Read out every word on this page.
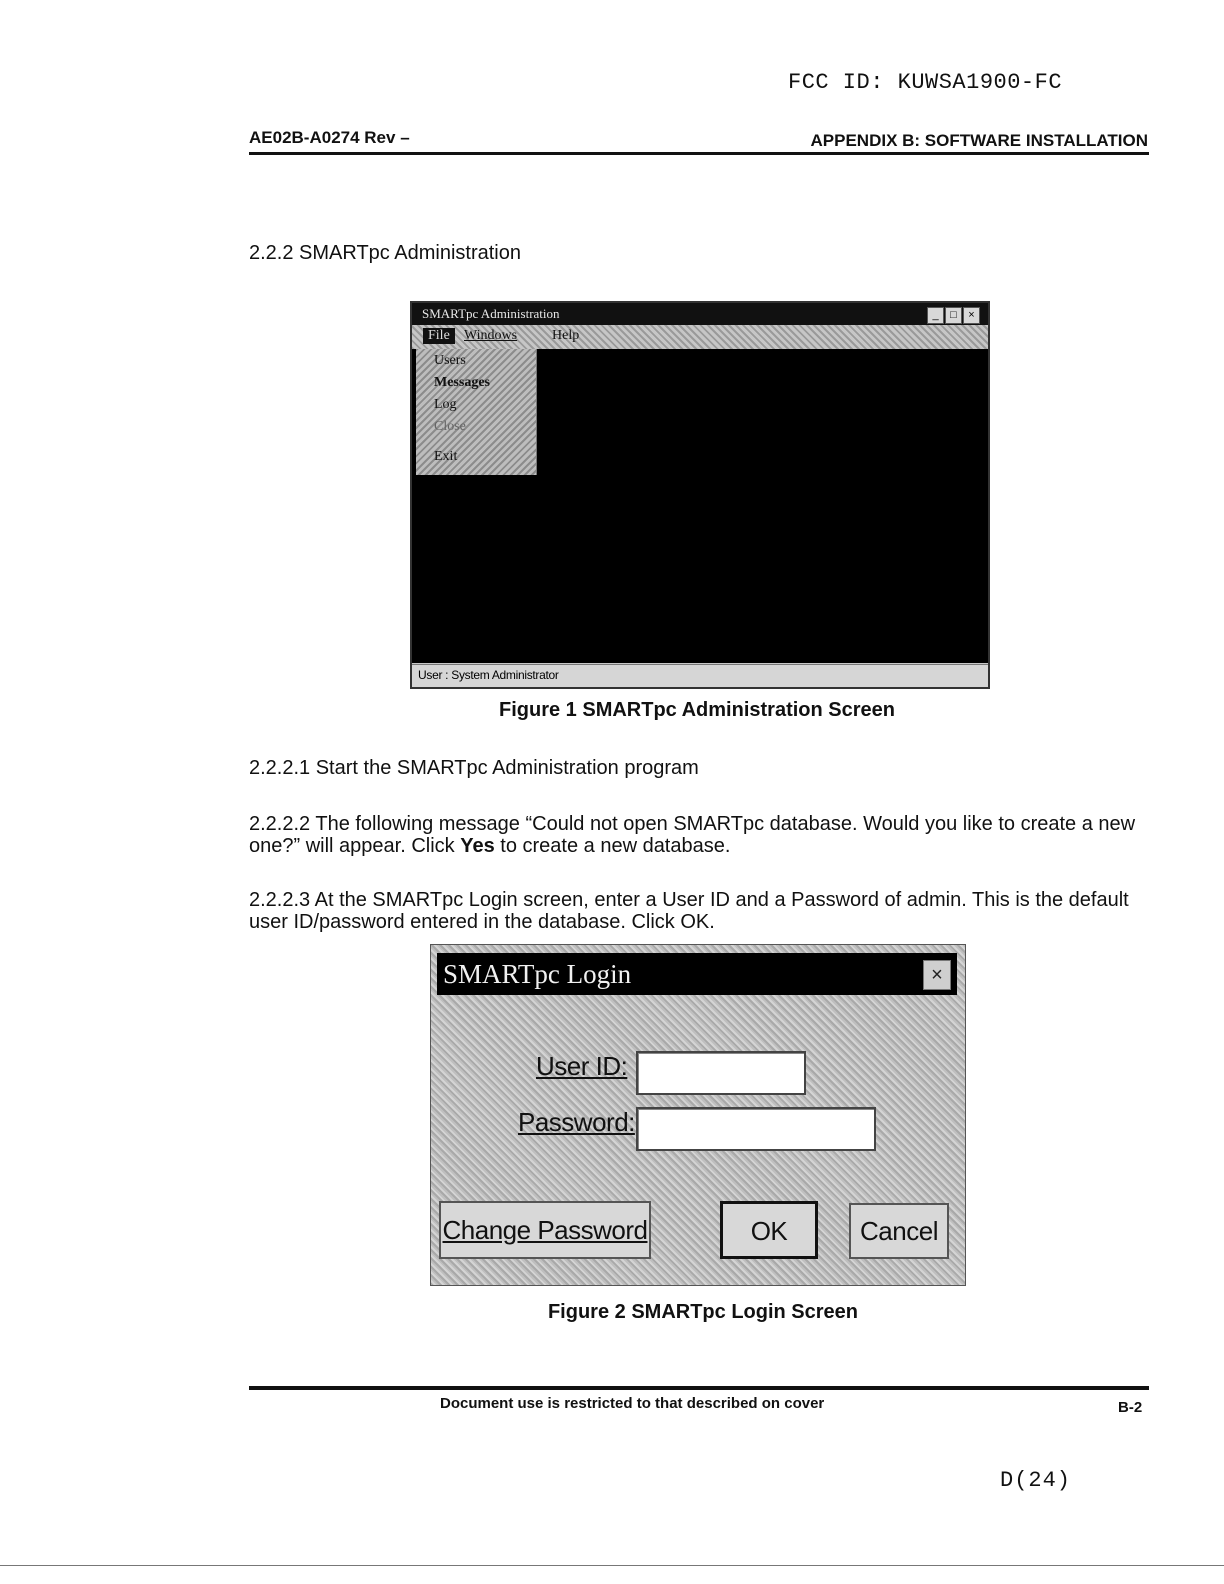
FCC ID: KUWSA1900-FC
AE02B-A0274 Rev –	APPENDIX B: SOFTWARE INSTALLATION
2.2.2 SMARTpc Administration
SMARTpc Administration	_	□	×
File	Windows Help
Users
Messages
Log
Close
Exit
User : System Administrator
Figure 1 SMARTpc Administration Screen
2.2.2.1 Start the SMARTpc Administration program
2.2.2.2 The following message “Could not open SMARTpc database. Would you like to create a new one?” will appear. Click Yes to create a new database.
2.2.2.3 At the SMARTpc Login screen, enter a User ID and a Password of admin. This is the default user ID/password entered in the database. Click OK.
SMARTpc Login	×
User ID:
Password:
Change Password	OK	Cancel
Figure 2 SMARTpc Login Screen
Document use is restricted to that described on cover	B-2
D(24)
